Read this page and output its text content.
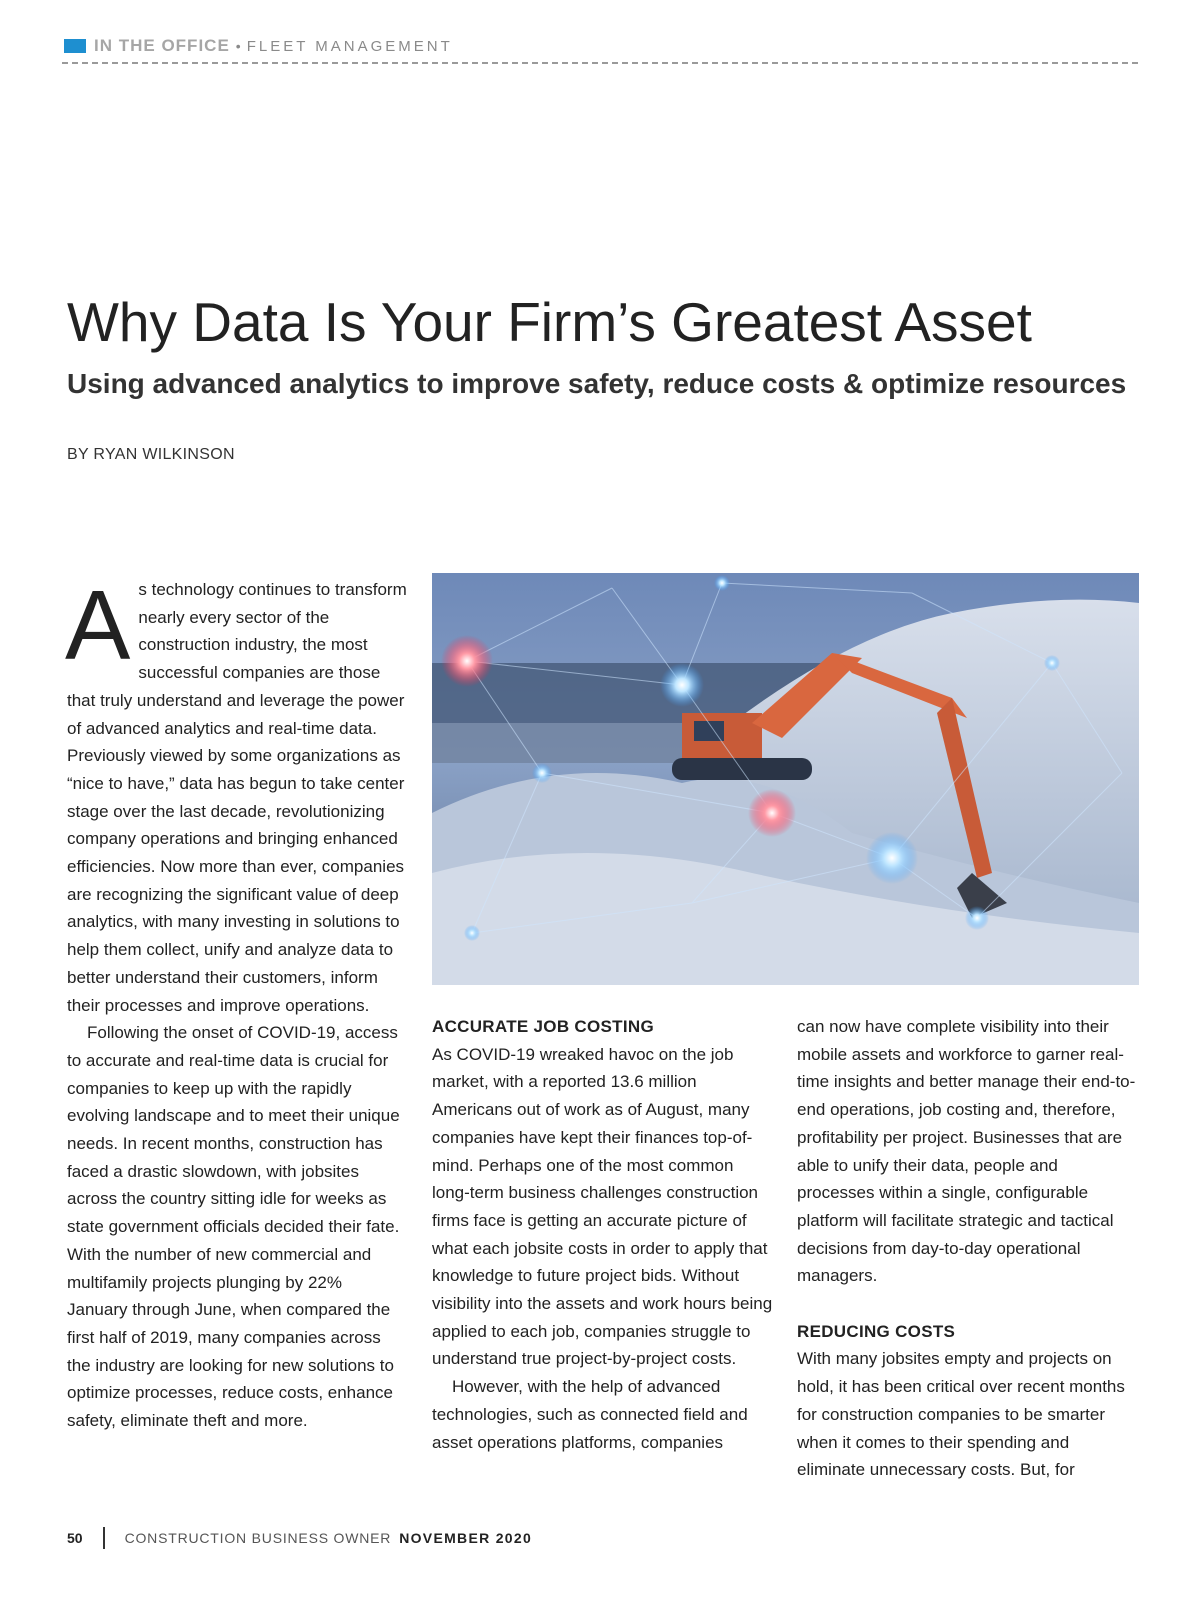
IN THE OFFICE • FLEET MANAGEMENT
Why Data Is Your Firm’s Greatest Asset
Using advanced analytics to improve safety, reduce costs & optimize resources
BY RYAN WILKINSON

As technology continues to transform nearly every sector of the construction industry, the most successful companies are those that truly understand and leverage the power of advanced analytics and real-time data. Previously viewed by some organizations as “nice to have,” data has begun to take center stage over the last decade, revolutionizing company operations and bringing enhanced efficiencies. Now more than ever, companies are recognizing the significant value of deep analytics, with many investing in solutions to help them collect, unify and analyze data to better understand their customers, inform their processes and improve operations.

Following the onset of COVID-19, access to accurate and real-time data is crucial for companies to keep up with the rapidly evolving landscape and to meet their unique needs. In recent months, construction has faced a drastic slowdown, with jobsites across the country sitting idle for weeks as state government officials decided their fate. With the number of new commercial and multifamily projects plunging by 22% January through June, when compared the first half of 2019, many companies across the industry are looking for new solutions to optimize processes, reduce costs, enhance safety, eliminate theft and more.

ACCURATE JOB COSTING

As COVID-19 wreaked havoc on the job market, with a reported 13.6 million Americans out of work as of August, many companies have kept their finances top-of-mind. Perhaps one of the most common long-term business challenges construction firms face is getting an accurate picture of what each jobsite costs in order to apply that knowledge to future project bids. Without visibility into the assets and work hours being applied to each job, companies struggle to understand true project-by-project costs.

However, with the help of advanced technologies, such as connected field and asset operations platforms, companies

can now have complete visibility into their mobile assets and workforce to garner real-time insights and better manage their end-to-end operations, job costing and, therefore, profitability per project. Businesses that are able to unify their data, people and processes within a single, configurable platform will facilitate strategic and tactical decisions from day-to-day operational managers.

REDUCING COSTS

With many jobsites empty and projects on hold, it has been critical over recent months for construction companies to be smarter when it comes to their spending and eliminate unnecessary costs. But, for

50	CONSTRUCTION BUSINESS OWNER NOVEMBER 2020
